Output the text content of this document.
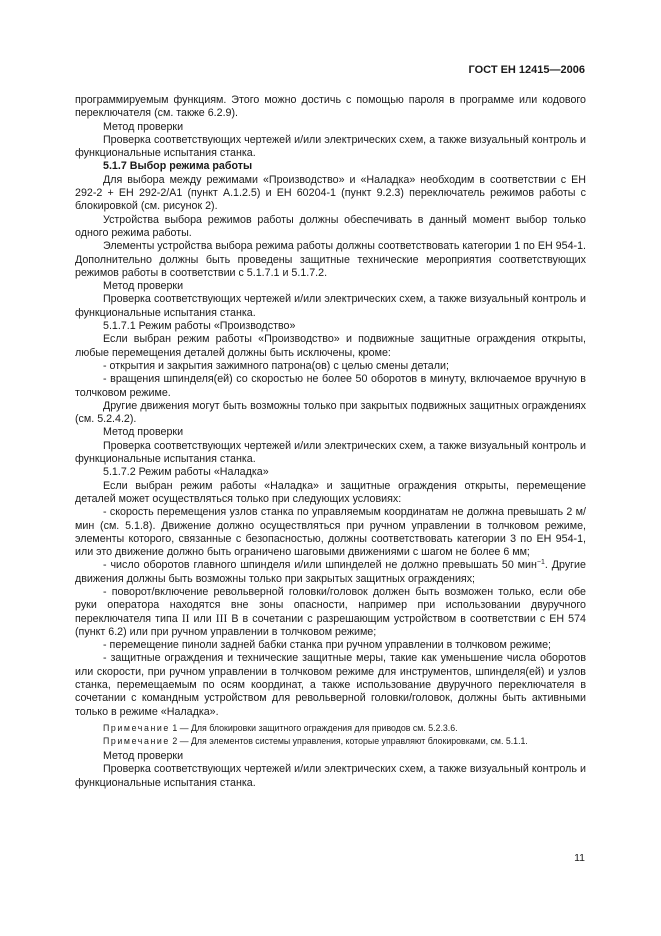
ГОСТ ЕН 12415—2006

программируемым функциям. Этого можно достичь с помощью пароля в программе или кодового переключателя (см. также 6.2.9).

Метод проверки

Проверка соответствующих чертежей и/или электрических схем, а также визуальный контроль и функциональные испытания станка.

5.1.7 Выбор режима работы

Для выбора между режимами «Производство» и «Наладка» необходим в соответствии с ЕН 292-2 + ЕН 292-2/А1 (пункт А.1.2.5) и ЕН 60204-1 (пункт 9.2.3) переключатель режимов работы с блокировкой (см. рисунок 2).

Устройства выбора режимов работы должны обеспечивать в данный момент выбор только одного режима работы.

Элементы устройства выбора режима работы должны соответствовать категории 1 по ЕН 954-1. Дополнительно должны быть проведены защитные технические мероприятия соответствующих режимов работы в соответствии с 5.1.7.1 и 5.1.7.2.

Метод проверки

Проверка соответствующих чертежей и/или электрических схем, а также визуальный контроль и функциональные испытания станка.

5.1.7.1 Режим работы «Производство»

Если выбран режим работы «Производство» и подвижные защитные ограждения открыты, любые перемещения деталей должны быть исключены, кроме:

- открытия и закрытия зажимного патрона(ов) с целью смены детали;

- вращения шпинделя(ей) со скоростью не более 50 оборотов в минуту, включаемое вручную в толчковом режиме.

Другие движения могут быть возможны только при закрытых подвижных защитных ограждениях (см. 5.2.4.2).

Метод проверки

Проверка соответствующих чертежей и/или электрических схем, а также визуальный контроль и функциональные испытания станка.

5.1.7.2 Режим работы «Наладка»

Если выбран режим работы «Наладка» и защитные ограждения открыты, перемещение деталей может осуществляться только при следующих условиях:

- скорость перемещения узлов станка по управляемым координатам не должна превышать 2 м/мин (см. 5.1.8). Движение должно осуществляться при ручном управлении в толчковом режиме, элементы которого, связанные с безопасностью, должны соответствовать категории 3 по ЕН 954-1, или это движение должно быть ограничено шаговыми движениями с шагом не более 6 мм;

- число оборотов главного шпинделя и/или шпинделей не должно превышать 50 мин$^{-1}$. Другие движения должны быть возможны только при закрытых защитных ограждениях;

- поворот/включение револьверной головки/головок должен быть возможен только, если обе руки оператора находятся вне зоны опасности, например при использовании двуручного переключателя типа II или III В в сочетании с разрешающим устройством в соответствии с ЕН 574 (пункт 6.2) или при ручном управлении в толчковом режиме;

- перемещение пиноли задней бабки станка при ручном управлении в толчковом режиме;

- защитные ограждения и технические защитные меры, такие как уменьшение числа оборотов или скорости, при ручном управлении в толчковом режиме для инструментов, шпинделя(ей) и узлов станка, перемещаемым по осям координат, а также использование двуручного переключателя в сочетании с командным устройством для револьверной головки/головок, должны быть активными только в режиме «Наладка».

Примечание 1 — Для блокировки защитного ограждения для приводов см. 5.2.3.6.

Примечание 2 — Для элементов системы управления, которые управляют блокировками, см. 5.1.1.

Метод проверки

Проверка соответствующих чертежей и/или электрических схем, а также визуальный контроль и функциональные испытания станка.

11
